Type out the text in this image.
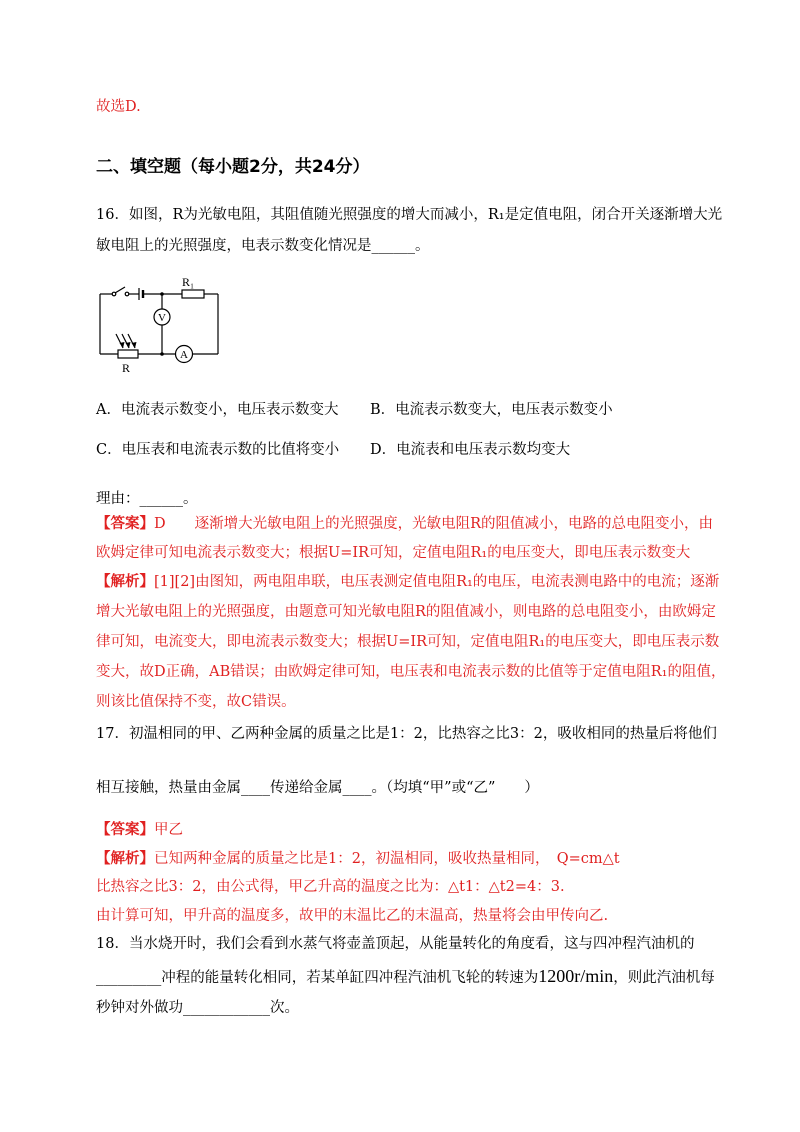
故选D.
二、填空题（每小题2分，共24分）
16．如图，R为光敏电阻，其阻值随光照强度的增大而减小，R₁是定值电阻，闭合开关逐渐增大光
敏电阻上的光照强度，电表示数变化情况是______。
R₁
V
A
R
A．电流表示数变小，电压表示数变大 B．电流表示数变大，电压表示数变小
C．电压表和电流表示数的比值将变小 D．电流表和电压表示数均变大
理由：______。
【答案】D　　逐渐增大光敏电阻上的光照强度，光敏电阻R的阻值减小，电路的总电阻变小，由
欧姆定律可知电流表示数变大；根据U=IR可知，定值电阻R₁的电压变大，即电压表示数变大
【解析】[1][2]由图知，两电阻串联，电压表测定值电阻R₁的电压，电流表测电路中的电流；逐渐
增大光敏电阻上的光照强度，由题意可知光敏电阻R的阻值减小，则电路的总电阻变小，由欧姆定
律可知，电流变大，即电流表示数变大；根据U=IR可知，定值电阻R₁的电压变大，即电压表示数
变大，故D正确，AB错误；由欧姆定律可知，电压表和电流表示数的比值等于定值电阻R₁的阻值，
则该比值保持不变，故C错误。
17．初温相同的甲、乙两种金属的质量之比是1：2，比热容之比3：2，吸收相同的热量后将他们
相互接触，热量由金属____传递给金属____。（均填“甲”或“乙”　　）
【答案】甲乙
【解析】已知两种金属的质量之比是1：2，初温相同，吸收热量相同，　Q=cm△t
比热容之比3：2，由公式得，甲乙升高的温度之比为：△t1：△t2=4：3.
由计算可知，甲升高的温度多，故甲的末温比乙的末温高，热量将会由甲传向乙.
18．当水烧开时，我们会看到水蒸气将壶盖顶起，从能量转化的角度看，这与四冲程汽油机的
_________冲程的能量转化相同，若某单缸四冲程汽油机飞轮的转速为1200r/min，则此汽油机每
秒钟对外做功____________次。
